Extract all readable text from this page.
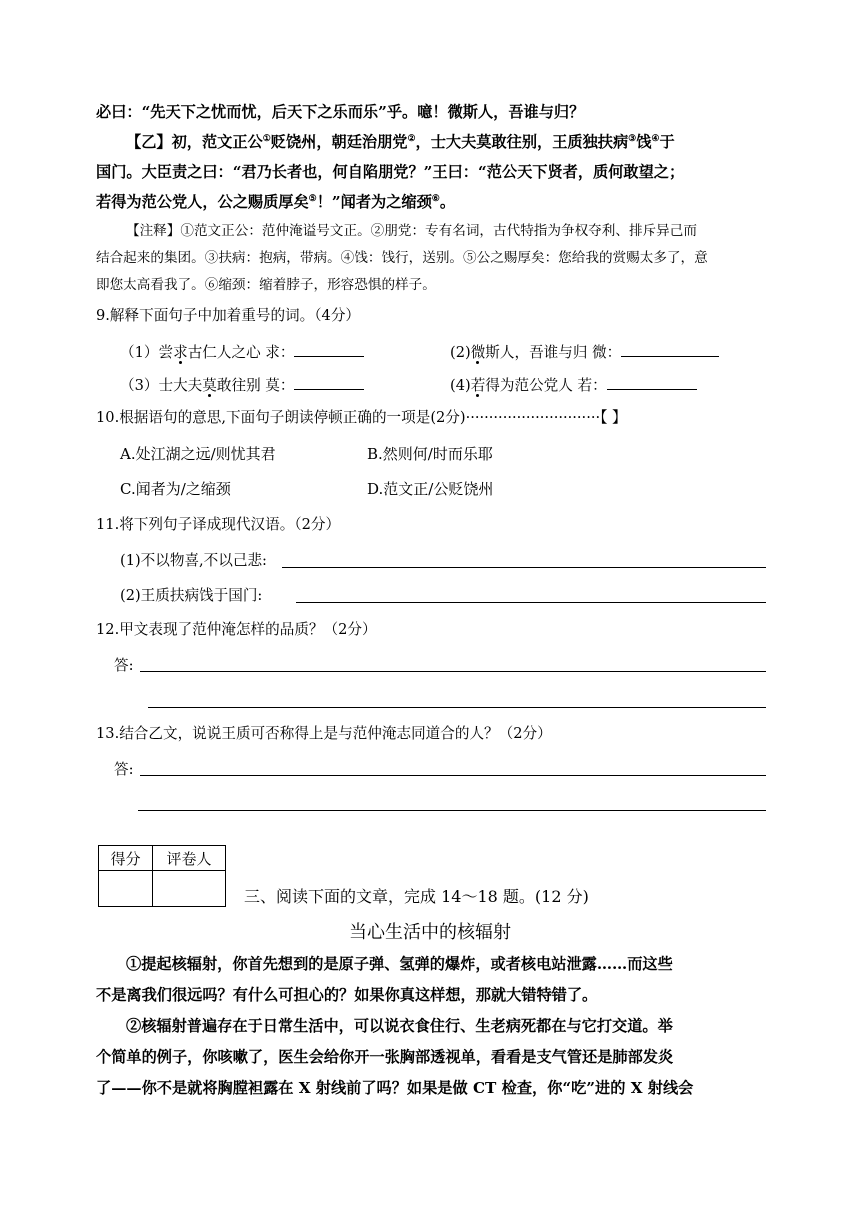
必曰：“先天下之忧而忧，后天下之乐而乐”乎。噫！微斯人，吾谁与归？
【乙】初，范文正公①贬饶州，朝廷治朋党②，士大夫莫敢往别，王质独扶病③饯④于
国门。大臣责之曰：“君乃长者也，何自陷朋党？”王曰：“范公天下贤者，质何敢望之；
若得为范公党人，公之赐质厚矣⑤！”闻者为之缩颈⑥。
【注释】①范文正公：范仲淹谥号文正。②朋党：专有名词，古代特指为争权夺利、排斥异己而
结合起来的集团。③扶病：抱病，带病。④饯：饯行，送别。⑤公之赐厚矣：您给我的赏赐太多了，意
即您太高看我了。⑥缩颈：缩着脖子，形容恐惧的样子。
9.解释下面句子中加着重号的词。（4分）
（1）尝求古仁人之心 求：	(2)微斯人，吾谁与归 微：
（3）士大夫莫敢往别 莫：	(4)若得为范公党人 若：
10.根据语句的意思,下面句子朗读停顿正确的一项是(2分)·····························【 】
A.处江湖之远/则忧其君	B.然则何/时而乐耶
C.闻者为/之缩颈	D.范文正/公贬饶州
11.将下列句子译成现代汉语。（2分）
(1)不以物喜,不以己悲:
(2)王质扶病饯于国门:
12.甲文表现了范仲淹怎样的品质？（2分）
答:
13.结合乙文，说说王质可否称得上是与范仲淹志同道合的人？（2分）
答:
得分	评卷人

三、阅读下面的文章，完成 14～18 题。(12 分)
当心生活中的核辐射
①提起核辐射，你首先想到的是原子弹、氢弹的爆炸，或者核电站泄露……而这些
不是离我们很远吗？有什么可担心的？如果你真这样想，那就大错特错了。
②核辐射普遍存在于日常生活中，可以说衣食住行、生老病死都在与它打交道。举
个简单的例子，你咳嗽了，医生会给你开一张胸部透视单，看看是支气管还是肺部发炎
了——你不是就将胸膛袒露在 X 射线前了吗？如果是做 CT 检查，你“吃”进的 X 射线会
